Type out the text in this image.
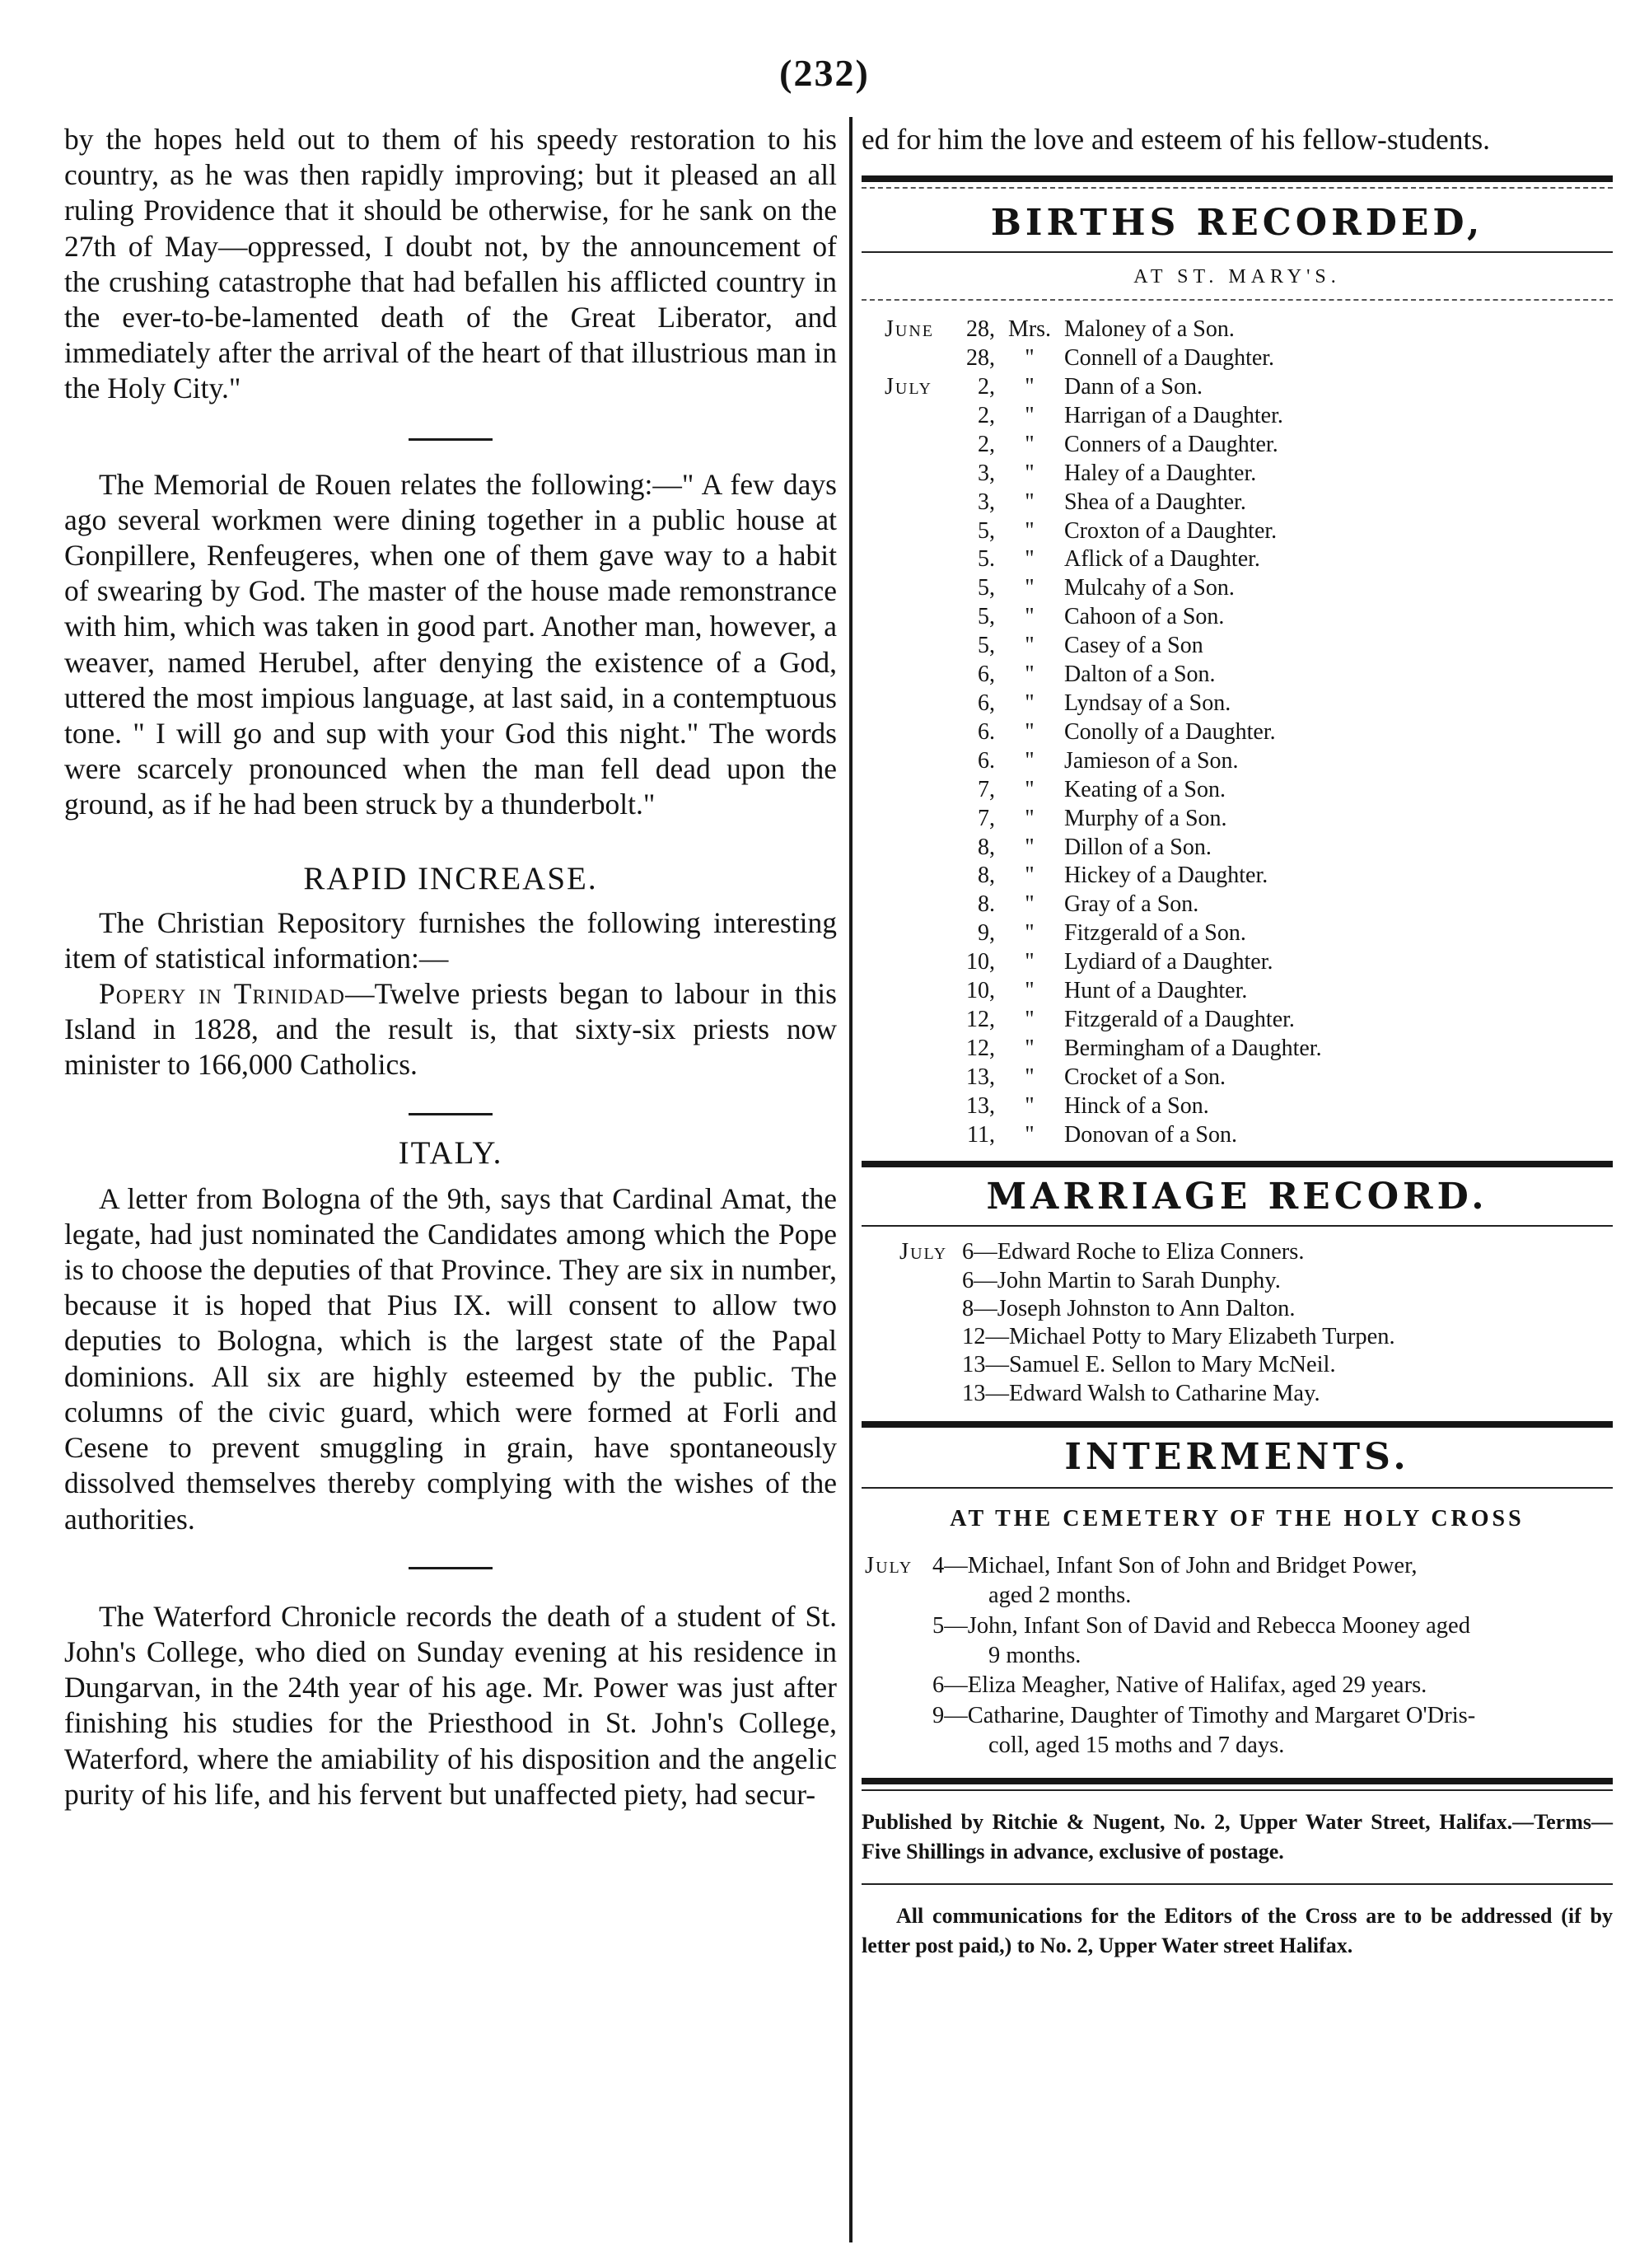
(232)

by the hopes held out to them of his speedy restoration to his country, as he was then rapidly improving; but it pleased an all ruling Providence that it should be otherwise, for he sank on the 27th of May—oppressed, I doubt not, by the announcement of the crushing catastrophe that had befallen his afflicted country in the ever-to-be-lamented death of the Great Liberator, and immediately after the arrival of the heart of that illustrious man in the Holy City."

The Memorial de Rouen relates the following:—" A few days ago several workmen were dining together in a public house at Gonpillere, Renfeugeres, when one of them gave way to a habit of swearing by God. The master of the house made remonstrance with him, which was taken in good part. Another man, however, a weaver, named Herubel, after denying the existence of a God, uttered the most impious language, at last said, in a contemptuous tone. " I will go and sup with your God this night." The words were scarcely pronounced when the man fell dead upon the ground, as if he had been struck by a thunderbolt."

RAPID INCREASE.

The Christian Repository furnishes the following interesting item of statistical information:—

Popery in Trinidad—Twelve priests began to labour in this Island in 1828, and the result is, that sixty-six priests now minister to 166,000 Catholics.

ITALY.

A letter from Bologna of the 9th, says that Cardinal Amat, the legate, had just nominated the Candidates among which the Pope is to choose the deputies of that Province. They are six in number, because it is hoped that Pius IX. will consent to allow two deputies to Bologna, which is the largest state of the Papal dominions. All six are highly esteemed by the public. The columns of the civic guard, which were formed at Forli and Cesene to prevent smuggling in grain, have spontaneously dissolved themselves thereby complying with the wishes of the authorities.

The Waterford Chronicle records the death of a student of St. John's College, who died on Sunday evening at his residence in Dungarvan, in the 24th year of his age. Mr. Power was just after finishing his studies for the Priesthood in St. John's College, Waterford, where the amiability of his disposition and the angelic purity of his life, and his fervent but unaffected piety, had secur-

ed for him the love and esteem of his fellow-students.

BIRTHS RECORDED,

AT ST. MARY'S.

June	28,	Mrs.	Maloney of a Son.
	28,	"	Connell of a Daughter.
July	2,	"	Dann of a Son.
	2,	"	Harrigan of a Daughter.
	2,	"	Conners of a Daughter.
	3,	"	Haley of a Daughter.
	3,	"	Shea of a Daughter.
	5,	"	Croxton of a Daughter.
	5.	"	Aflick of a Daughter.
	5,	"	Mulcahy of a Son.
	5,	"	Cahoon of a Son.
	5,	"	Casey of a Son
	6,	"	Dalton of a Son.
	6,	"	Lyndsay of a Son.
	6.	"	Conolly of a Daughter.
	6.	"	Jamieson of a Son.
	7,	"	Keating of a Son.
	7,	"	Murphy of a Son.
	8,	"	Dillon of a Son.
	8,	"	Hickey of a Daughter.
	8.	"	Gray of a Son.
	9,	"	Fitzgerald of a Son.
	10,	"	Lydiard of a Daughter.
	10,	"	Hunt of a Daughter.
	12,	"	Fitzgerald of a Daughter.
	12,	"	Bermingham of a Daughter.
	13,	"	Crocket of a Son.
	13,	"	Hinck of a Son.
	11,	"	Donovan of a Son.

MARRIAGE RECORD.

July 6—Edward Roche to Eliza Conners.

6—John Martin to Sarah Dunphy.

8—Joseph Johnston to Ann Dalton.

12—Michael Potty to Mary Elizabeth Turpen.

13—Samuel E. Sellon to Mary McNeil.

13—Edward Walsh to Catharine May.

INTERMENTS.

AT THE CEMETERY OF THE HOLY CROSS

July 4—Michael, Infant Son of John and Bridget Power,

aged 2 months.

5—John, Infant Son of David and Rebecca Mooney aged

9 months.

6—Eliza Meagher, Native of Halifax, aged 29 years.

9—Catharine, Daughter of Timothy and Margaret O'Dris-

coll, aged 15 moths and 7 days.

Published by Ritchie & Nugent, No. 2, Upper Water Street, Halifax.—Terms—Five Shillings in advance, exclusive of postage.

All communications for the Editors of the Cross are to be addressed (if by letter post paid,) to No. 2, Upper Water street Halifax.
